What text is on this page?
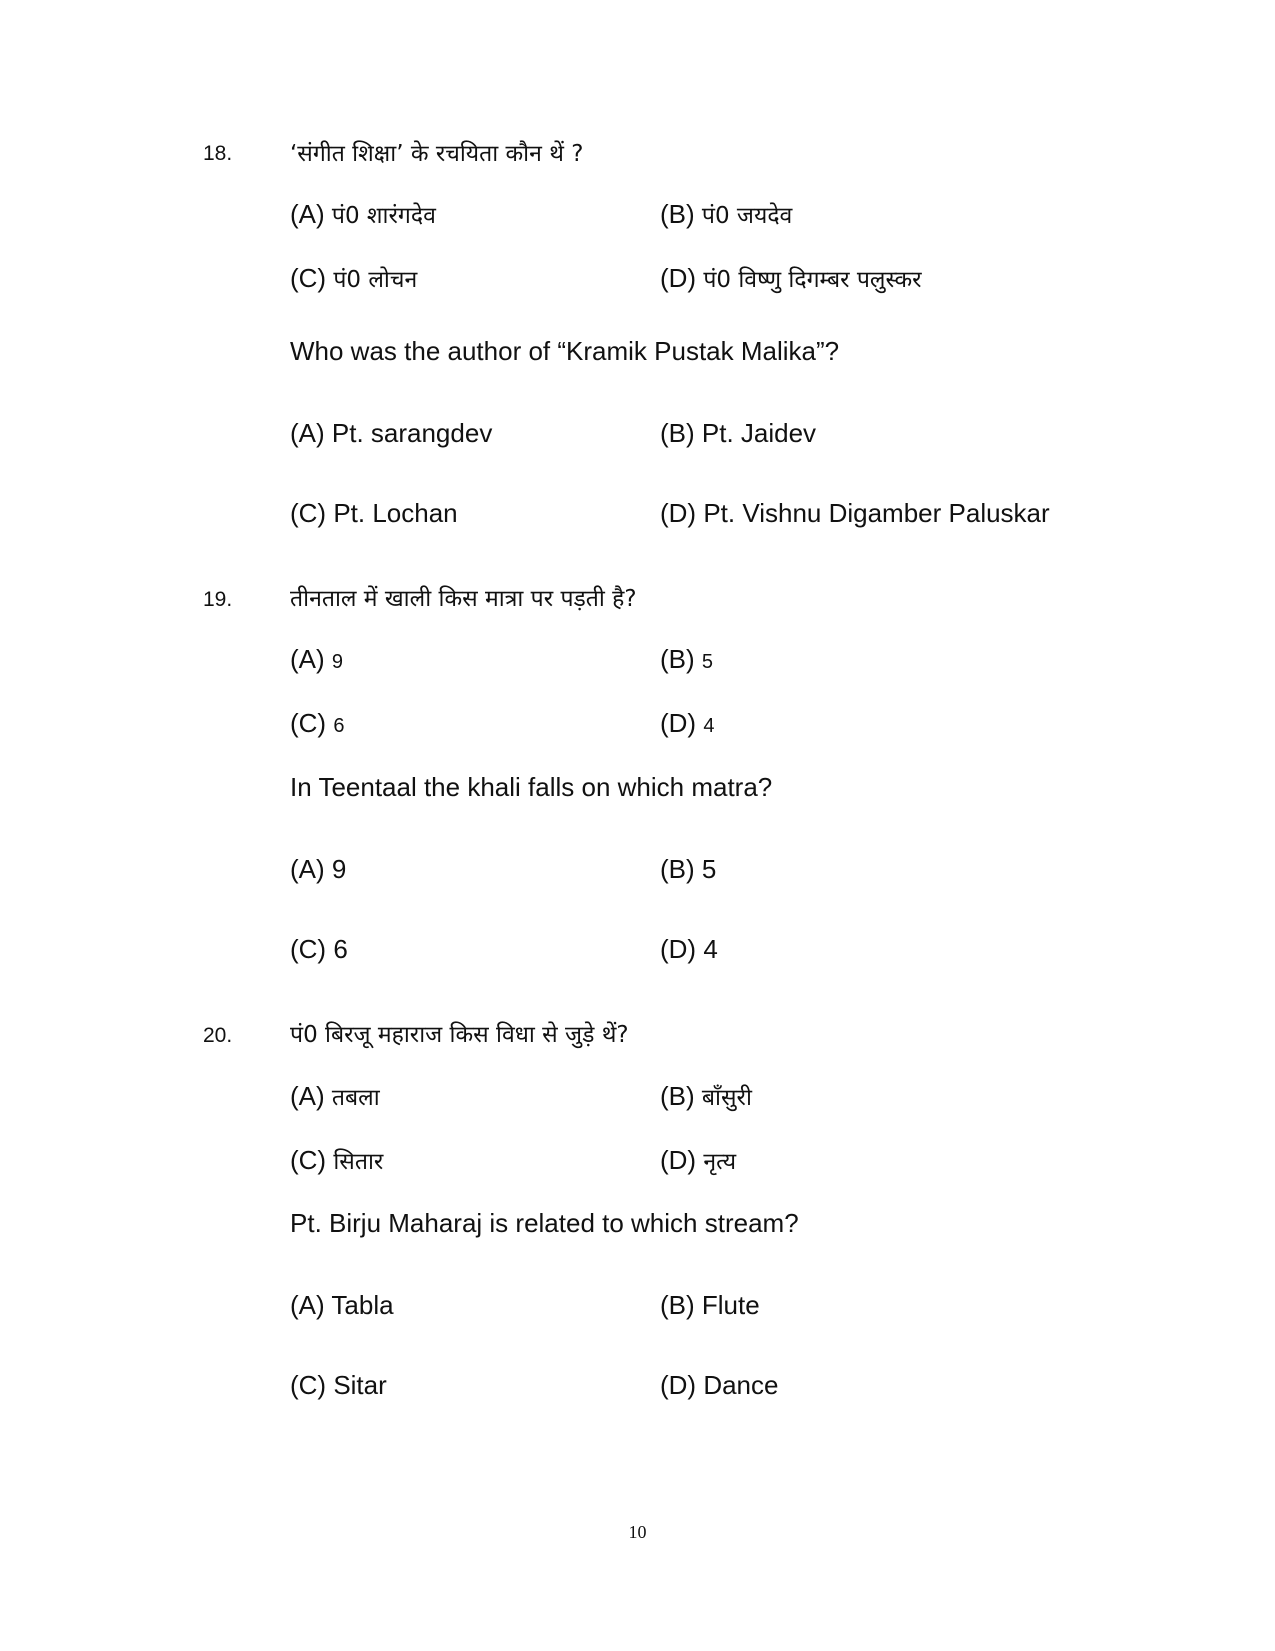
18.	‘संगीत शिक्षा’ के रचयिता कौन थें ?
(A) पं0 शारंगदेव	(B) पं0 जयदेव
(C) पं0 लोचन	(D) पं0 विष्णु दिगम्बर पलुस्कर
Who was the author of “Kramik Pustak Malika”?
(A) Pt. sarangdev	(B) Pt. Jaidev
(C) Pt. Lochan	(D) Pt. Vishnu Digamber Paluskar
19.	तीनताल में खाली किस मात्रा पर पड़ती है?
(A) 9	(B) 5
(C) 6	(D) 4
In Teentaal the khali falls on which matra?
(A) 9	(B) 5
(C) 6	(D) 4
20.	पं0 बिरजू महाराज किस विधा से जुड़े थें?
(A) तबला	(B) बाँसुरी
(C) सितार	(D) नृत्य
Pt. Birju Maharaj is related to which stream?
(A) Tabla	(B) Flute
(C) Sitar	(D) Dance
10
